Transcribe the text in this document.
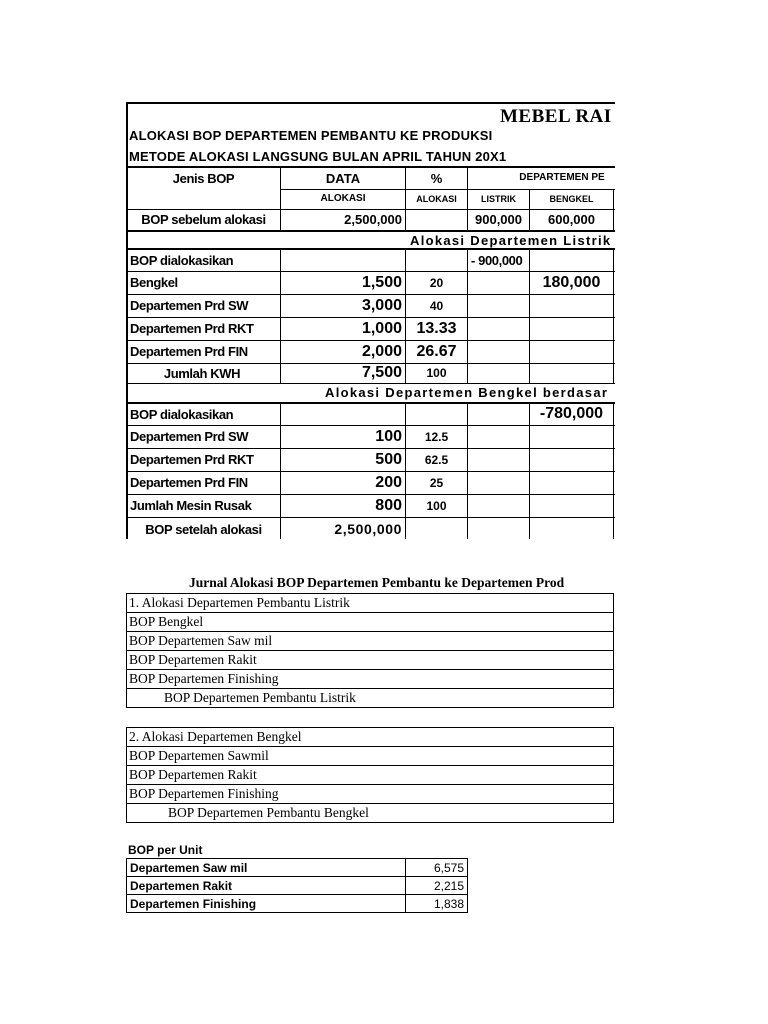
MEBEL RAI
ALOKASI BOP DEPARTEMEN PEMBANTU KE PRODUKSI
METODE ALOKASI LANGSUNG BULAN APRIL TAHUN 20X1
Jenis BOP	DATA	%	DEPARTEMEN PE		
	ALOKASI	ALOKASI	LISTRIK	BENGKEL	
BOP sebelum alokasi	2,500,000		900,000	600,000	
Alokasi Departemen Listrik					
BOP dialokasikan			- 900,000		
Bengkel	1,500	20		180,000	
Departemen Prd SW	3,000	40			
Departemen Prd RKT	1,000	13.33			
Departemen Prd FIN	2,000	26.67			
Jumlah KWH	7,500	100			
Alokasi Departemen Bengkel berdasar					
BOP dialokasikan				-780,000	
Departemen Prd SW	100	12.5			
Departemen Prd RKT	500	62.5			
Departemen Prd FIN	200	25			
Jumlah Mesin Rusak	800	100			
BOP setelah alokasi	2,500,000				
Jurnal Alokasi BOP Departemen Pembantu ke Departemen Prod
1. Alokasi Departemen Pembantu Listrik
BOP Bengkel
BOP Departemen Saw mil
BOP Departemen Rakit
BOP Departemen Finishing
BOP Departemen Pembantu Listrik
2. Alokasi Departemen Bengkel
BOP Departemen Sawmil
BOP Departemen Rakit
BOP Departemen Finishing
BOP Departemen Pembantu Bengkel
BOP per Unit
Departemen Saw mil	6,575
Departemen Rakit	2,215
Departemen Finishing	1,838
